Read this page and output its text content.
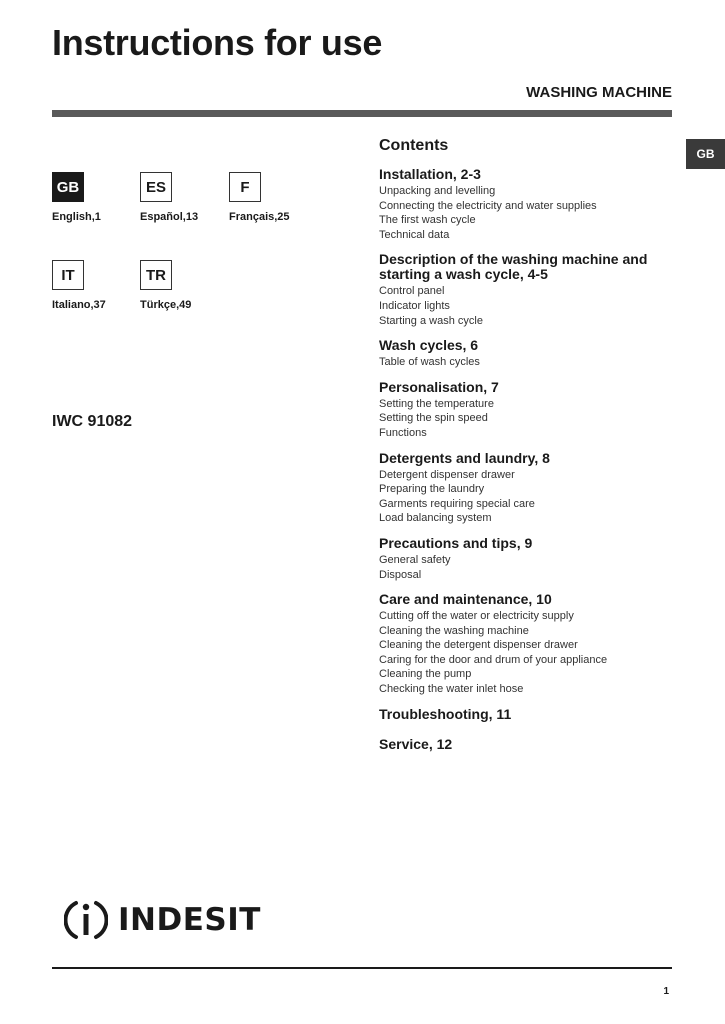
Instructions for use
WASHING MACHINE
GB
GB
English,1
ES
Español,13
F
Français,25
IT
Italiano,37
TR
Türkçe,49
IWC 91082
Contents
Installation, 2-3
Unpacking and levelling
Connecting the electricity and water supplies
The first wash cycle
Technical data
Description of the washing machine and starting a wash cycle, 4-5
Control panel
Indicator lights
Starting a wash cycle
Wash cycles, 6
Table of wash cycles
Personalisation, 7
Setting the temperature
Setting the spin speed
Functions
Detergents and laundry, 8
Detergent dispenser drawer
Preparing the laundry
Garments requiring special care
Load balancing system
Precautions and tips, 9
General safety
Disposal
Care and maintenance, 10
Cutting off the water or electricity supply
Cleaning the washing machine
Cleaning the detergent dispenser drawer
Caring for the door and drum of your appliance
Cleaning the pump
Checking the water inlet hose
Troubleshooting, 11
Service, 12
INDESIT
1
